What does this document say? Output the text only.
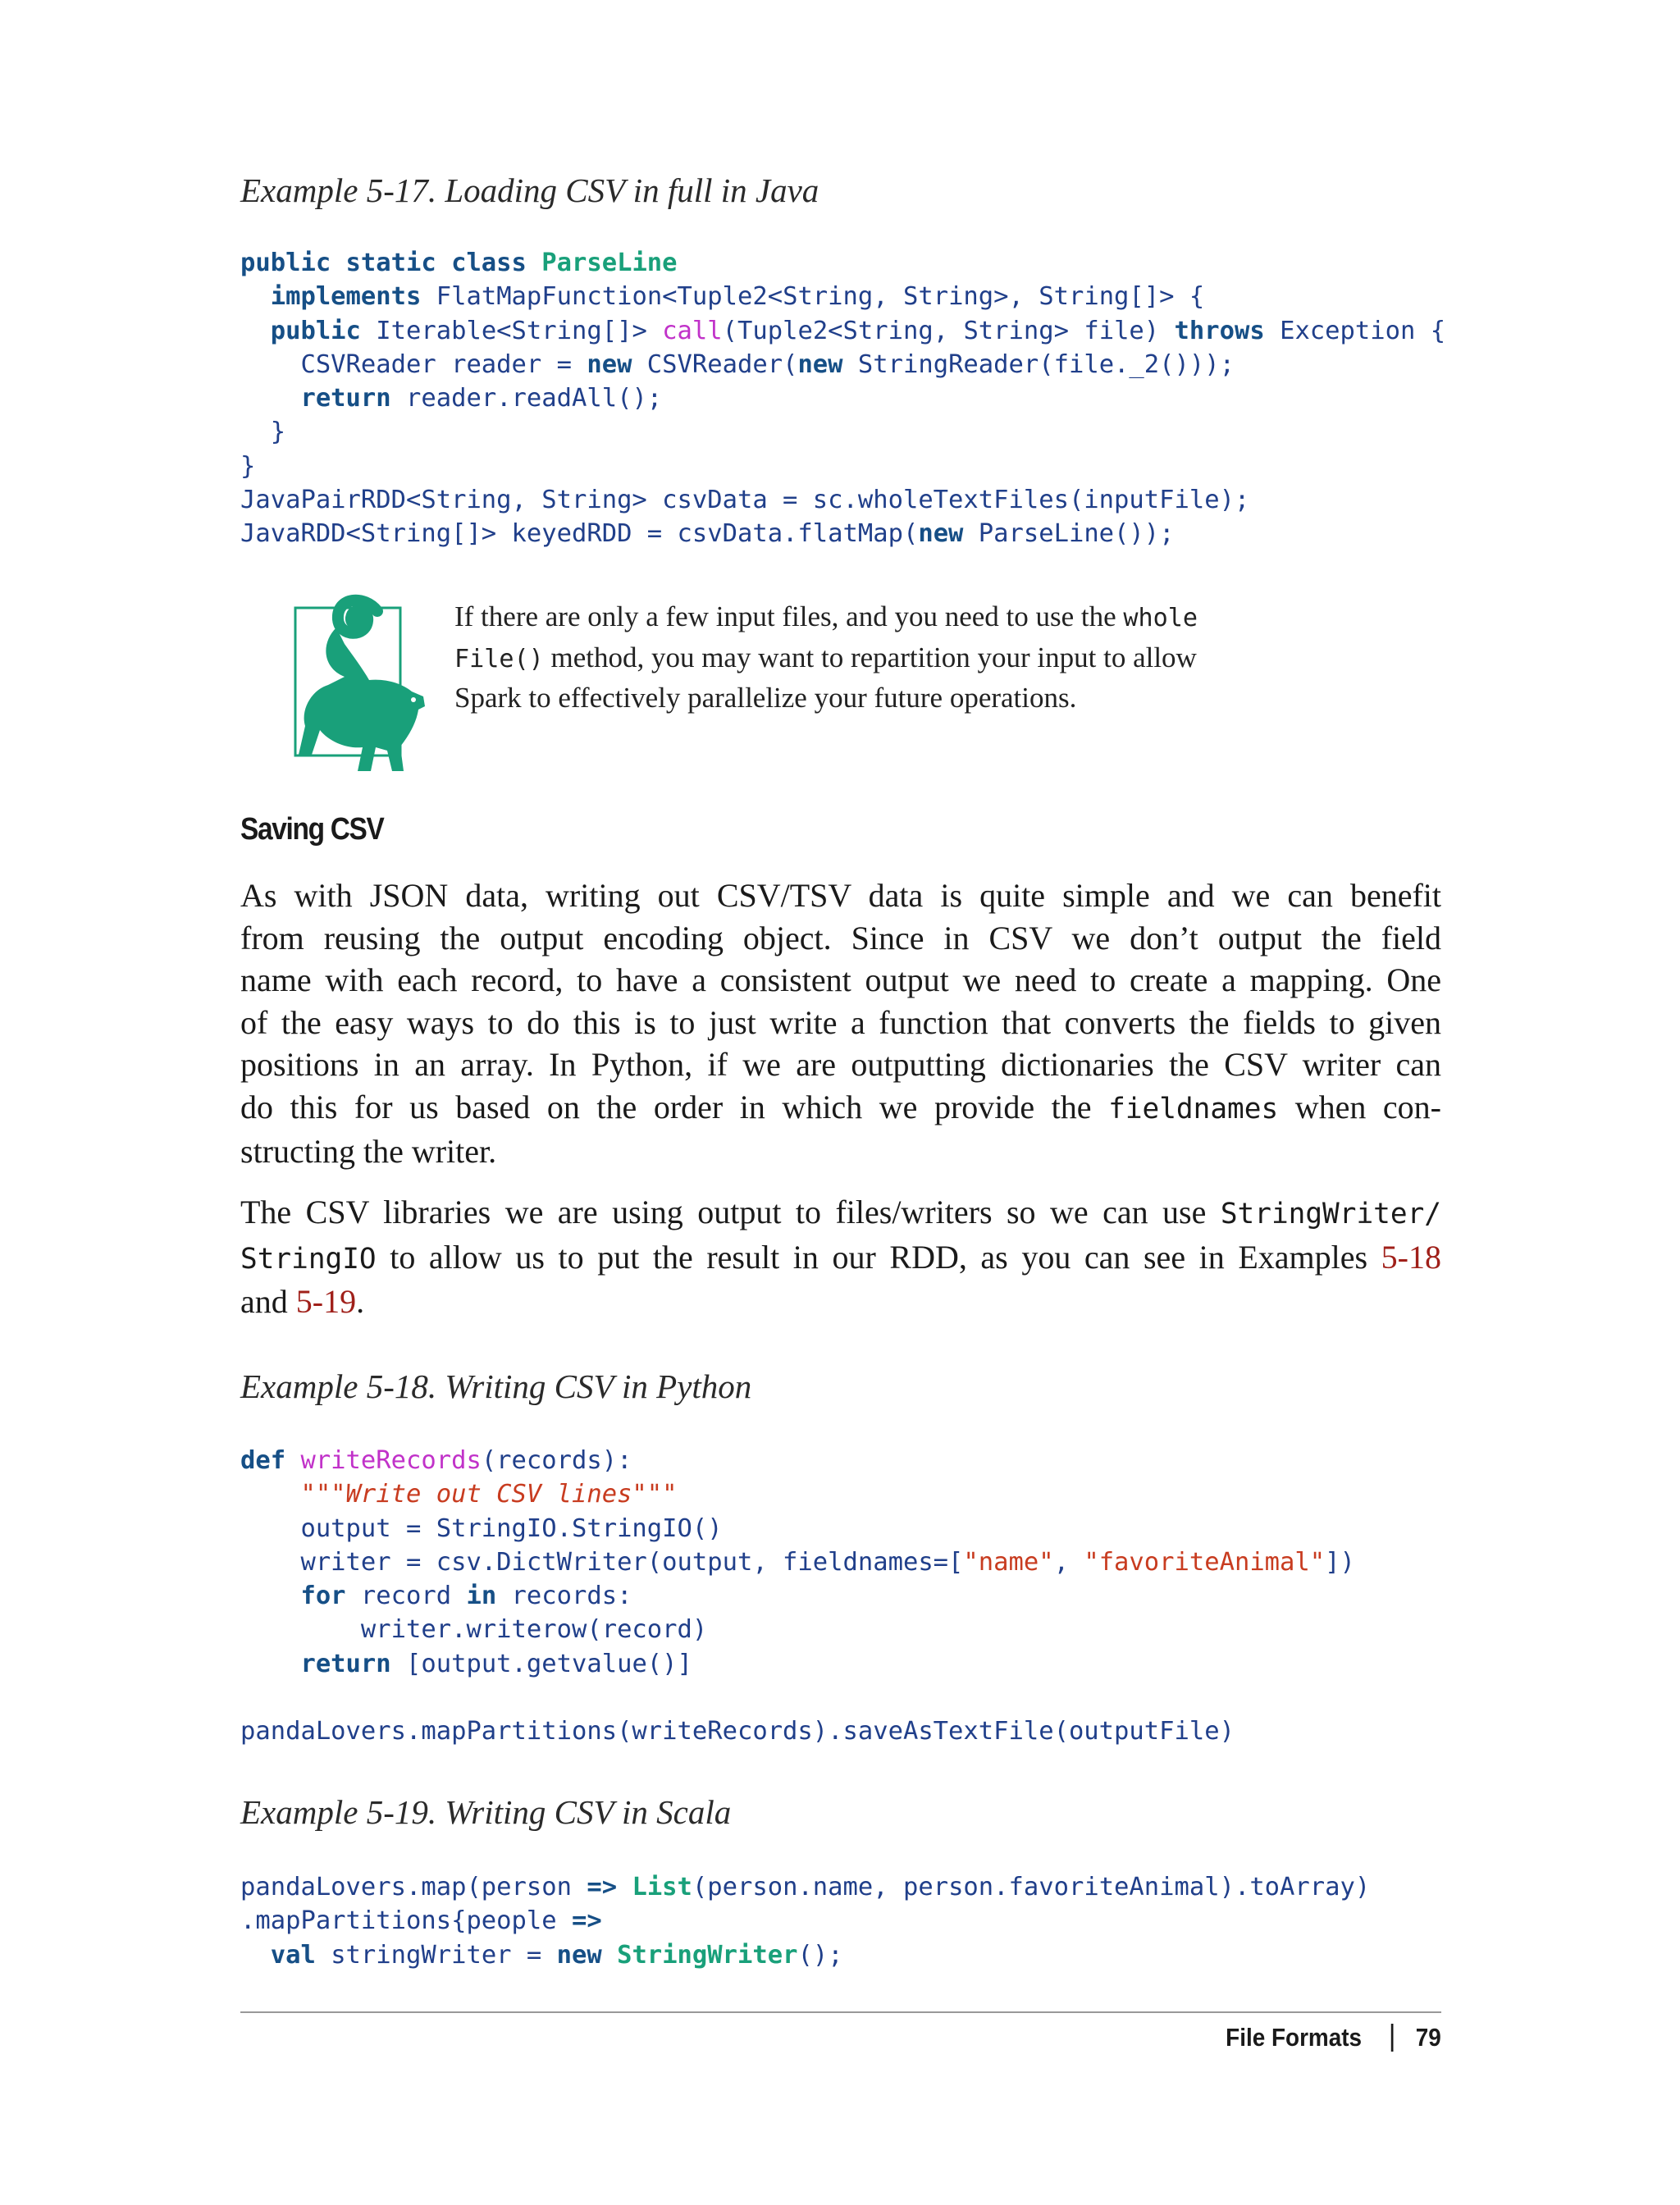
Example 5-17. Loading CSV in full in Java

public static class ParseLine
implements FlatMapFunction<Tuple2<String, String>, String[]> {
public Iterable<String[]> call(Tuple2<String, String> file) throws Exception {
CSVReader reader = new CSVReader(new StringReader(file._2()));
return reader.readAll();
}
}
JavaPairRDD<String, String> csvData = sc.wholeTextFiles(inputFile);
JavaRDD<String[]> keyedRDD = csvData.flatMap(new ParseLine());

If there are only a few input files, and you need to use the whole
File() method, you may want to repartition your input to allow
Spark to effectively parallelize your future operations.

Saving CSV

As with JSON data, writing out CSV/TSV data is quite simple and we can benefit
from reusing the output encoding object. Since in CSV we don’t output the field
name with each record, to have a consistent output we need to create a mapping. One
of the easy ways to do this is to just write a function that converts the fields to given
positions in an array. In Python, if we are outputting dictionaries the CSV writer can
do this for us based on the order in which we provide the fieldnames when con-
structing the writer.

The CSV libraries we are using output to files/writers so we can use StringWriter/
StringIO to allow us to put the result in our RDD, as you can see in Examples 5-18
and 5-19.

Example 5-18. Writing CSV in Python

def writeRecords(records):
"""Write out CSV lines"""
output = StringIO.StringIO()
writer = csv.DictWriter(output, fieldnames=["name", "favoriteAnimal"])
for record in records:
writer.writerow(record)
return [output.getvalue()]
pandaLovers.mapPartitions(writeRecords).saveAsTextFile(outputFile)

Example 5-19. Writing CSV in Scala

pandaLovers.map(person => List(person.name, person.favoriteAnimal).toArray)
.mapPartitions{people =>
val stringWriter = new StringWriter();
File Formats 79
